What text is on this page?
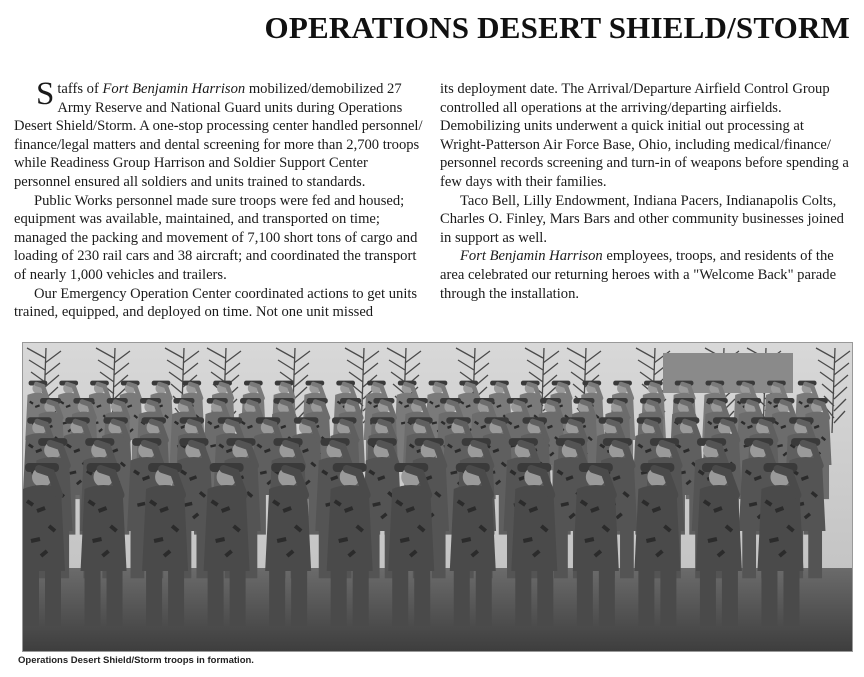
OPERATIONS DESERT SHIELD/STORM

Staffs of Fort Benjamin Harrison mobilized/demobilized 27 Army Reserve and National Guard units during Operations Desert Shield/Storm. A one-stop processing center handled personnel/ finance/legal matters and dental screening for more than 2,700 troops while Readiness Group Harrison and Soldier Support Center personnel ensured all soldiers and units trained to standards.

Public Works personnel made sure troops were fed and housed; equipment was available, maintained, and transported on time; managed the packing and movement of 7,100 short tons of cargo and loading of 230 rail cars and 38 aircraft; and coordinated the transport of nearly 1,000 vehicles and trailers.

Our Emergency Operation Center coordinated actions to get units trained, equipped, and deployed on time. Not one unit missed

its deployment date. The Arrival/Departure Airfield Control Group controlled all operations at the arriving/departing airfields. Demobilizing units underwent a quick initial out processing at Wright-Patterson Air Force Base, Ohio, including medical/finance/ personnel records screening and turn-in of weapons before spending a few days with their families.

Taco Bell, Lilly Endowment, Indiana Pacers, Indianapolis Colts, Charles O. Finley, Mars Bars and other community businesses joined in support as well.

Fort Benjamin Harrison employees, troops, and residents of the area celebrated our returning heroes with a "Welcome Back" parade through the installation.

Operations Desert Shield/Storm troops in formation.
